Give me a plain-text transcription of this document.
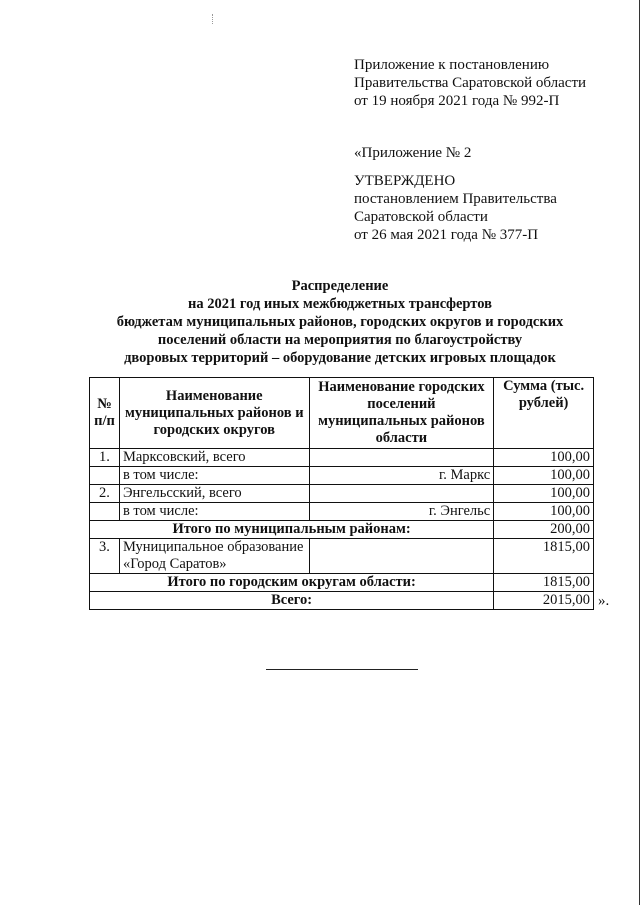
Приложение к постановлению
Правительства Саратовской области
от 19 ноября 2021 года № 992-П
«Приложение № 2
УТВЕРЖДЕНО
постановлением Правительства
Саратовской области
от 26 мая 2021 года № 377-П
Распределение
на 2021 год иных межбюджетных трансфертов
бюджетам муниципальных районов, городских округов и городских
поселений области на мероприятия по благоустройству
дворовых территорий – оборудование детских игровых площадок
№ п/п	Наименование муниципальных районов и городских округов	Наименование городских поселений муниципальных районов области	Сумма (тыс. рублей)
1.	Марксовский, всего		100,00
	в том числе:	г. Маркс	100,00
2.	Энгельсский, всего		100,00
	в том числе:	г. Энгельс	100,00
Итого по муниципальным районам:			200,00
3.	Муниципальное образование «Город Саратов»		1815,00
Итого по городским округам области:			1815,00
Всего:			2015,00 ».
